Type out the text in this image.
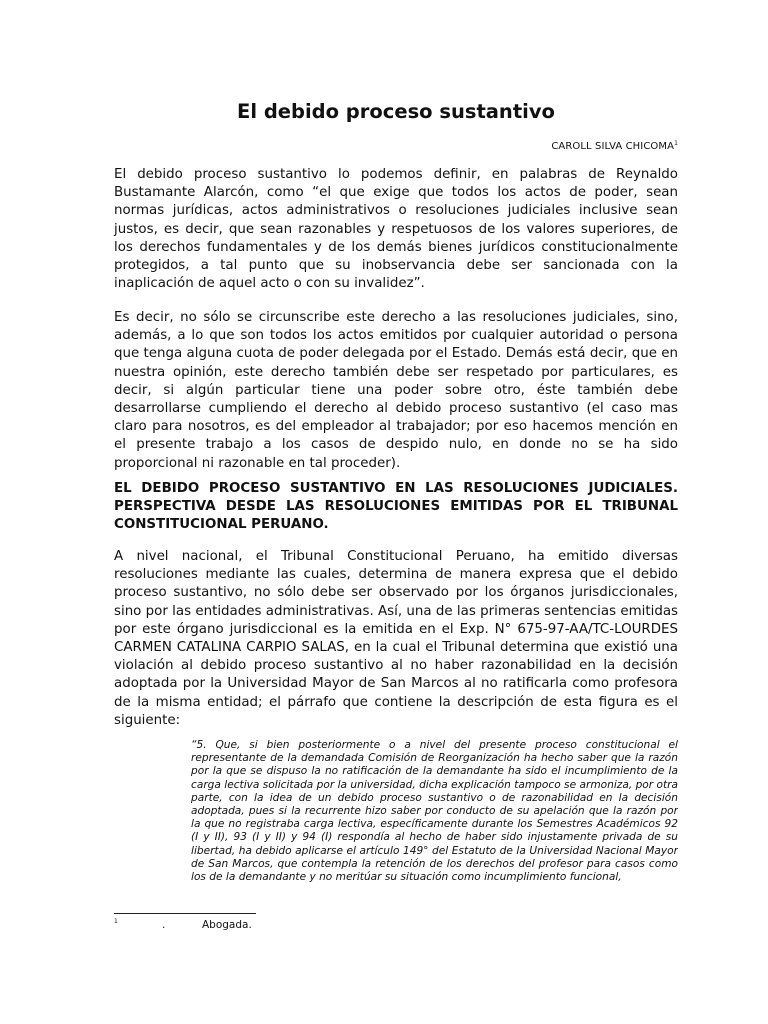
El debido proceso sustantivo
CAROLL SILVA CHICOMA$^1$

El debido proceso sustantivo lo podemos definir, en palabras de Reynaldo Bustamante Alarcón, como “el que exige que todos los actos de poder, sean normas jurídicas, actos administrativos o resoluciones judiciales inclusive sean justos, es decir, que sean razonables y respetuosos de los valores superiores, de los derechos fundamentales y de los demás bienes jurídicos constitucionalmente protegidos, a tal punto que su inobservancia debe ser sancionada con la inaplicación de aquel acto o con su invalidez”.

Es decir, no sólo se circunscribe este derecho a las resoluciones judiciales, sino, además, a lo que son todos los actos emitidos por cualquier autoridad o persona que tenga alguna cuota de poder delegada por el Estado. Demás está decir, que en nuestra opinión, este derecho también debe ser respetado por particulares, es decir, si algún particular tiene una poder sobre otro, éste también debe desarrollarse cumpliendo el derecho al debido proceso sustantivo (el caso mas claro para nosotros, es del empleador al trabajador; por eso hacemos mención en el presente trabajo a los casos de despido nulo, en donde no se ha sido proporcional ni razonable en tal proceder).

EL DEBIDO PROCESO SUSTANTIVO EN LAS RESOLUCIONES JUDICIALES. PERSPECTIVA DESDE LAS RESOLUCIONES EMITIDAS POR EL TRIBUNAL CONSTITUCIONAL PERUANO.

A nivel nacional, el Tribunal Constitucional Peruano, ha emitido diversas resoluciones mediante las cuales, determina de manera expresa que el debido proceso sustantivo, no sólo debe ser observado por los órganos jurisdiccionales, sino por las entidades administrativas. Así, una de las primeras sentencias emitidas por este órgano jurisdiccional es la emitida en el Exp. N° 675-97-AA/TC-LOURDES CARMEN CATALINA CARPIO SALAS, en la cual el Tribunal determina que existió una violación al debido proceso sustantivo al no haber razonabilidad en la decisión adoptada por la Universidad Mayor de San Marcos al no ratificarla como profesora de la misma entidad; el párrafo que contiene la descripción de esta figura es el siguiente:

“5. Que, si bien posteriormente o a nivel del presente proceso constitucional el representante de la demandada Comisión de Reorganización ha hecho saber que la razón por la que se dispuso la no ratificación de la demandante ha sido el incumplimiento de la carga lectiva solicitada por la universidad, dicha explicación tampoco se armoniza, por otra parte, con la idea de un debido proceso sustantivo o de razonabilidad en la decisión adoptada, pues si la recurrente hizo saber por conducto de su apelación que la razón por la que no registraba carga lectiva, específicamente durante los Semestres Académicos 92 (I y II), 93 (I y II) y 94 (I) respondía al hecho de haber sido injustamente privada de su libertad, ha debido aplicarse el artículo 149° del Estatuto de la Universidad Nacional Mayor de San Marcos, que contempla la retención de los derechos del profesor para casos como los de la demandante y no meritúar su situación como incumplimiento funcional,

1	.	Abogada.
